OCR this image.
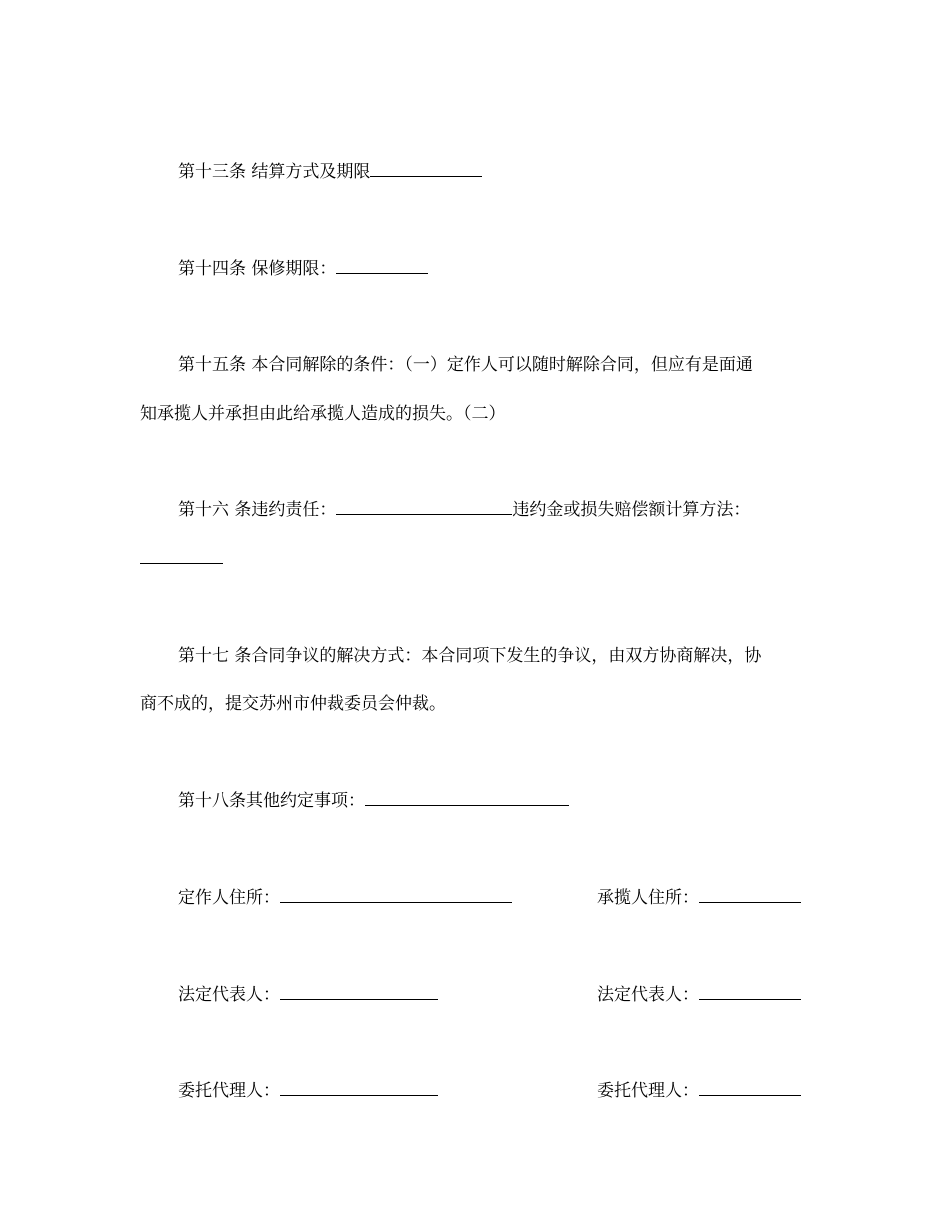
第十三条 结算方式及期限
第十四条 保修期限：
第十五条 本合同解除的条件：（一）定作人可以随时解除合同，但应有是面通
知承揽人并承担由此给承揽人造成的损失。（二）
第十六 条违约责任：	违约金或损失赔偿额计算方法：
第十七 条合同争议的解决方式：本合同项下发生的争议，由双方协商解决，协
商不成的，提交苏州市仲裁委员会仲裁。
第十八条其他约定事项：
定作人住所：
法定代表人：
委托代理人：
承揽人住所：
法定代表人：
委托代理人：
